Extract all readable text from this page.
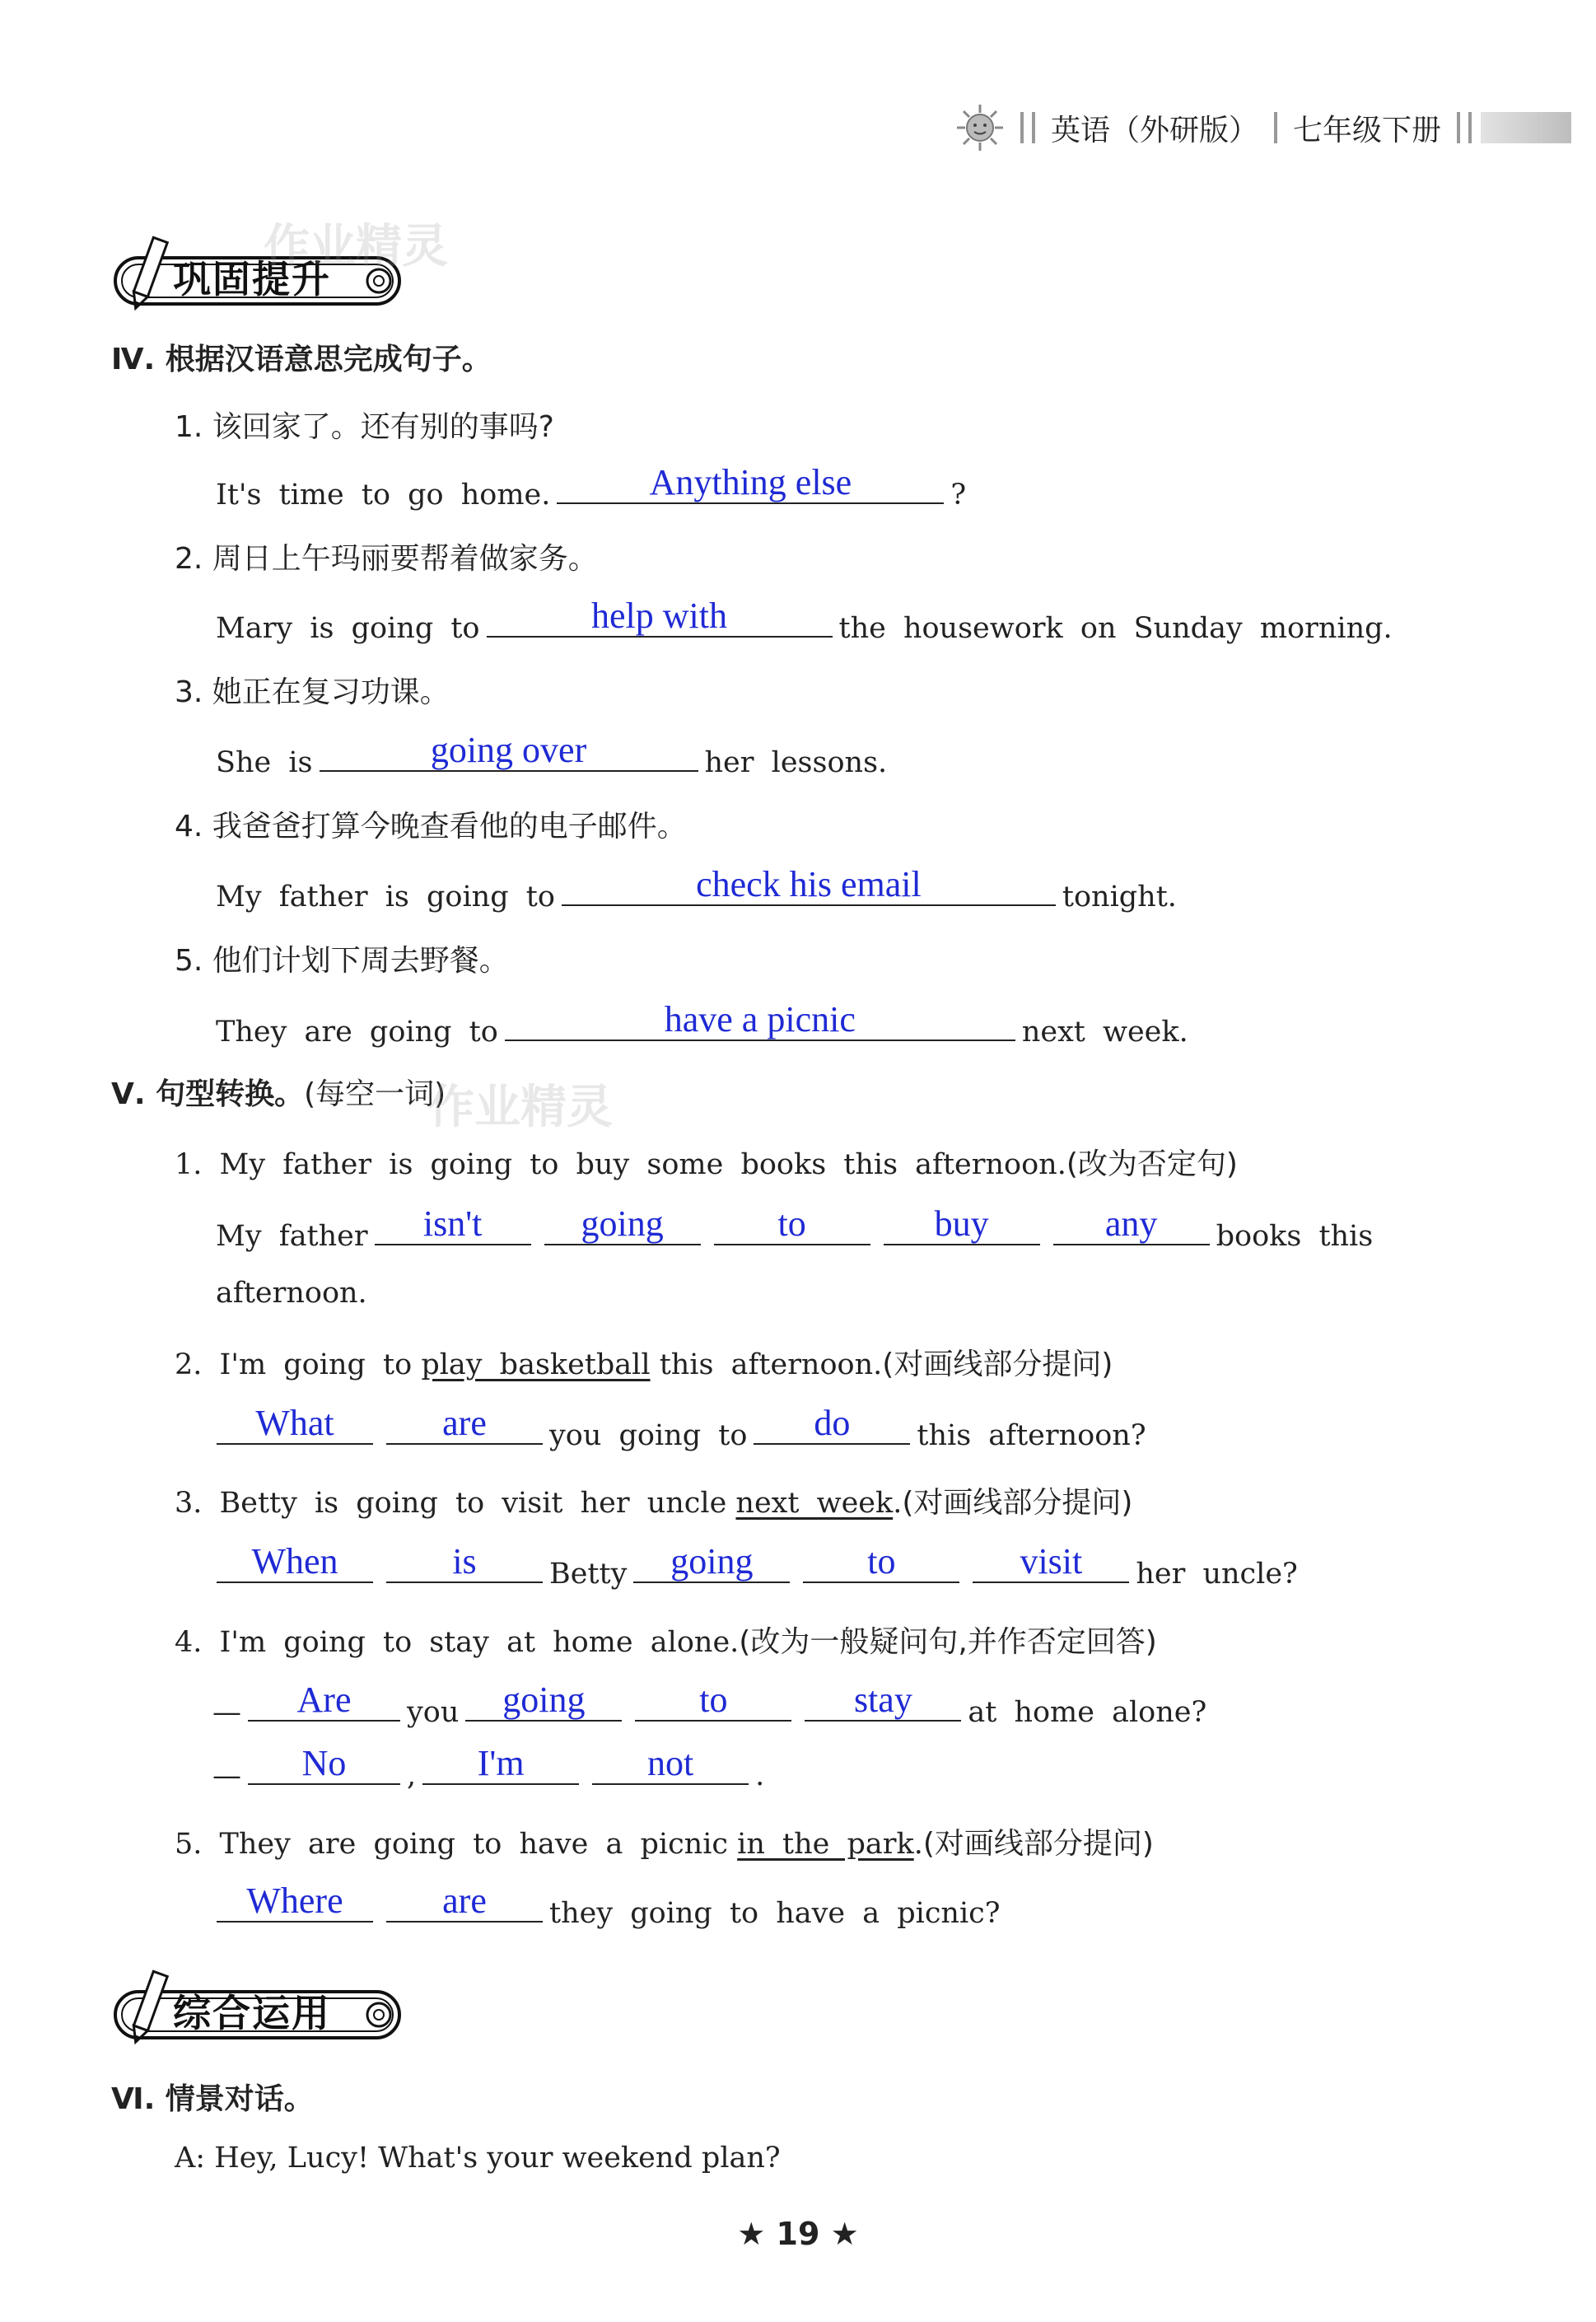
英语（外研版） 七年级下册
巩固提升
作业精灵
Ⅳ. 根据汉语意思完成句子。
1. 该回家了。还有别的事吗?
It's time to go home.	Anything else	?
2. 周日上午玛丽要帮着做家务。
Mary is going to	help with	the housework on Sunday morning.
3. 她正在复习功课。
She is	going over	her lessons.
4. 我爸爸打算今晚查看他的电子邮件。
My father is going to	check his email	tonight.
5. 他们计划下周去野餐。
They are going to	have a picnic	next week.
Ⅴ. 句型转换。(每空一词)
作业精灵
1. My father is going to buy some books this afternoon.(改为否定句)
My father	isn't	going	to	buy	any	books this
afternoon.
2. I'm going to play basketball this afternoon.(对画线部分提问)
What	are	you going to	do	this afternoon?
3. Betty is going to visit her uncle next week.(对画线部分提问)
When	is	Betty	going	to	visit	her uncle?
4. I'm going to stay at home alone.(改为一般疑问句,并作否定回答)
—	Are	you	going	to	stay	at home alone?
—	No	,	I'm	not	.
5. They are going to have a picnic in the park.(对画线部分提问)
Where	are	they going to have a picnic?
综合运用
Ⅵ. 情景对话。
A: Hey, Lucy! What's your weekend plan?
★ 19 ★
